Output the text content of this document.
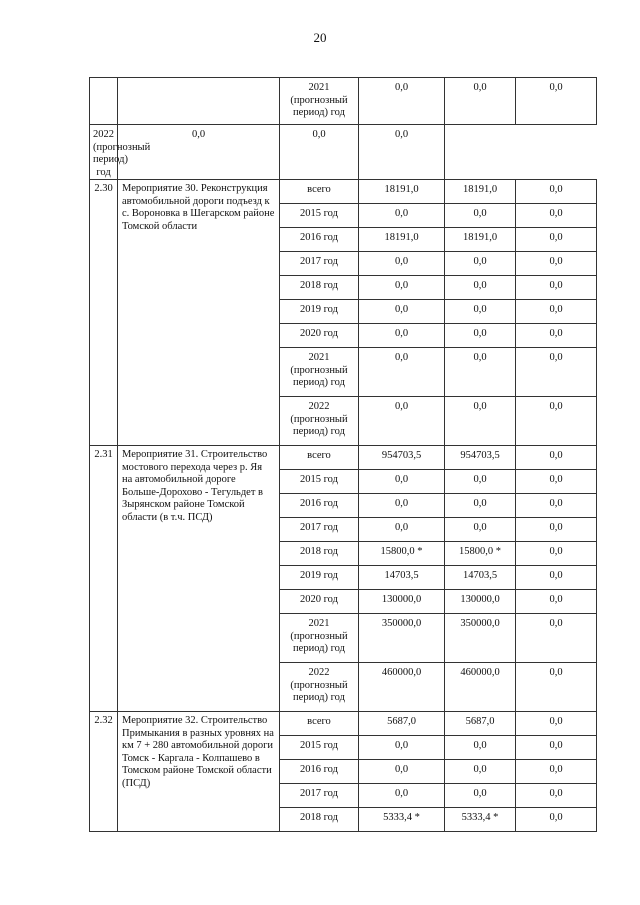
20
		2021 (прогнозный период) год	0,0	0,0	0,0
2022 (прогнозный период) год	0,0	0,0	0,0		
2.30	Мероприятие 30. Реконструкция автомобильной дороги подъезд к с. Вороновка в Шегарском районе Томской области	всего	18191,0	18191,0	0,0
		2015 год	0,0	0,0	0,0
		2016 год	18191,0	18191,0	0,0
		2017 год	0,0	0,0	0,0
		2018 год	0,0	0,0	0,0
		2019 год	0,0	0,0	0,0
		2020 год	0,0	0,0	0,0
		2021 (прогнозный период) год	0,0	0,0	0,0
		2022 (прогнозный период) год	0,0	0,0	0,0
2.31	Мероприятие 31. Строительство мостового перехода через р. Яя на автомобильной дороге Больше-Дорохово - Тегульдет в Зырянском районе Томской области (в т.ч. ПСД)	всего	954703,5	954703,5	0,0
		2015 год	0,0	0,0	0,0
		2016 год	0,0	0,0	0,0
		2017 год	0,0	0,0	0,0
		2018 год	15800,0 *	15800,0 *	0,0
		2019 год	14703,5	14703,5	0,0
		2020 год	130000,0	130000,0	0,0
		2021 (прогнозный период) год	350000,0	350000,0	0,0
		2022 (прогнозный период) год	460000,0	460000,0	0,0
2.32	Мероприятие 32. Строительство Примыкания в разных уровнях на км 7 + 280 автомобильной дороги Томск - Каргала - Колпашево в Томском районе Томской области (ПСД)	всего	5687,0	5687,0	0,0
		2015 год	0,0	0,0	0,0
		2016 год	0,0	0,0	0,0
		2017 год	0,0	0,0	0,0
		2018 год	5333,4 *	5333,4 *	0,0
